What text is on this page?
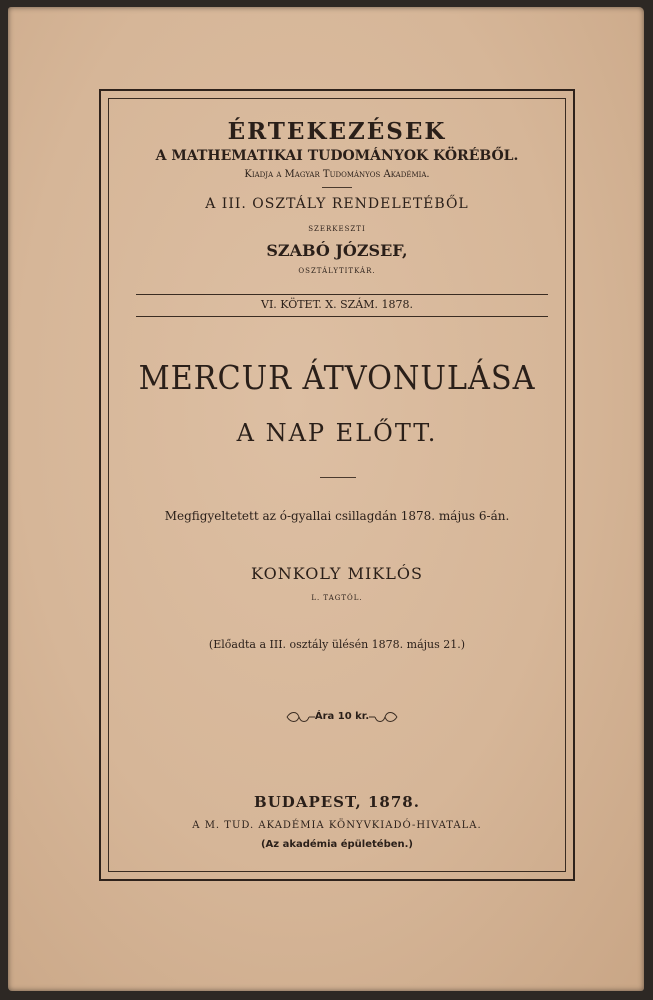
ÉRTEKEZÉSEK

A MATHEMATIKAI TUDOMÁNYOK KÖRÉBŐL.

Kiadja a Magyar Tudományos Akadémia.

A III. OSZTÁLY RENDELETÉBŐL

SZERKESZTI

SZABÓ JÓZSEF,

OSZTÁLYTITKÁR.

VI. KÖTET. X. SZÁM. 1878.

MERCUR ÁTVONULÁSA

A NAP ELŐTT.

Megfigyeltetett az ó-gyallai csillagdán 1878. május 6-án.

KONKOLY MIKLÓS

L. TAGTÓL.

(Előadta a III. osztály ülésén 1878. május 21.)

Ára 10 kr.

BUDAPEST, 1878.

A M. TUD. AKADÉMIA KÖNYVKIADÓ-HIVATALA.

(Az akadémia épületében.)
